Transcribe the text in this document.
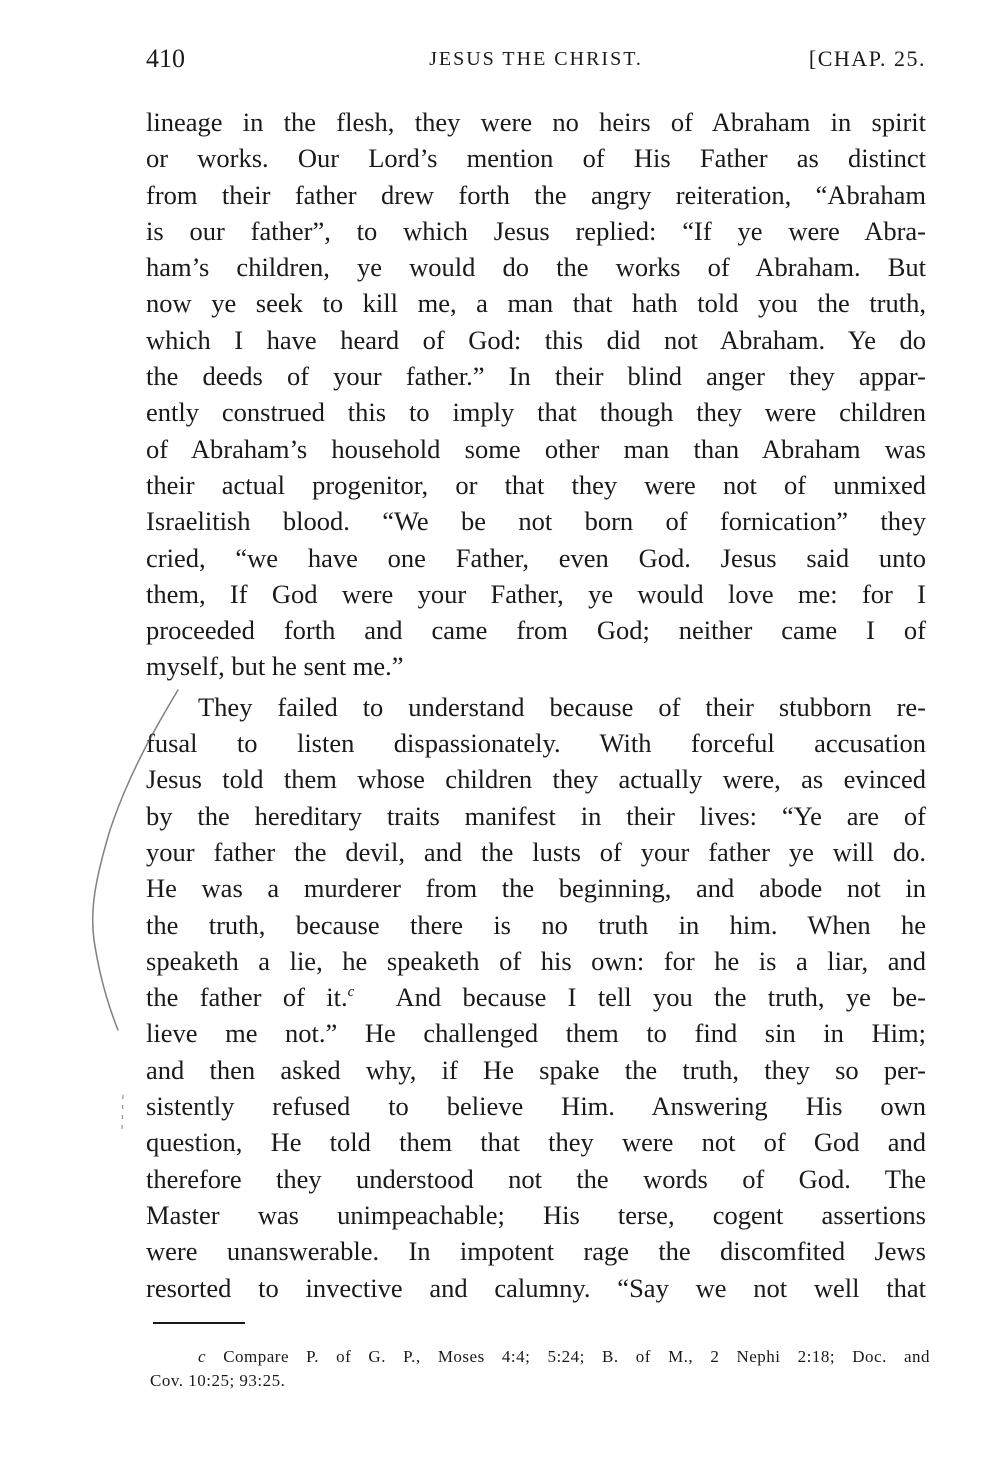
410	JESUS THE CHRIST.	[CHAP. 25.
lineage in the flesh, they were no heirs of Abraham in spirit
or works. Our Lord’s mention of His Father as distinct
from their father drew forth the angry reiteration, “Abraham
is our father”, to which Jesus replied: “If ye were Abra-
ham’s children, ye would do the works of Abraham. But
now ye seek to kill me, a man that hath told you the truth,
which I have heard of God: this did not Abraham. Ye do
the deeds of your father.” In their blind anger they appar-
ently construed this to imply that though they were children
of Abraham’s household some other man than Abraham was
their actual progenitor, or that they were not of unmixed
Israelitish blood. “We be not born of fornication” they
cried, “we have one Father, even God. Jesus said unto
them, If God were your Father, ye would love me: for I
proceeded forth and came from God; neither came I of
myself, but he sent me.”
They failed to understand because of their stubborn re-
fusal to listen dispassionately. With forceful accusation
Jesus told them whose children they actually were, as evinced
by the hereditary traits manifest in their lives: “Ye are of
your father the devil, and the lusts of your father ye will do.
He was a murderer from the beginning, and abode not in
the truth, because there is no truth in him. When he
speaketh a lie, he speaketh of his own: for he is a liar, and
the father of it.$^c$  And because I tell you the truth, ye be-
lieve me not.” He challenged them to find sin in Him;
and then asked why, if He spake the truth, they so per-
sistently refused to believe Him. Answering His own
question, He told them that they were not of God and
therefore they understood not the words of God. The
Master was unimpeachable; His terse, cogent assertions
were unanswerable. In impotent rage the discomfited Jews
resorted to invective and calumny. “Say we not well that
c Compare P. of G. P., Moses 4:4; 5:24; B. of M., 2 Nephi 2:18; Doc. and
Cov. 10:25; 93:25.
